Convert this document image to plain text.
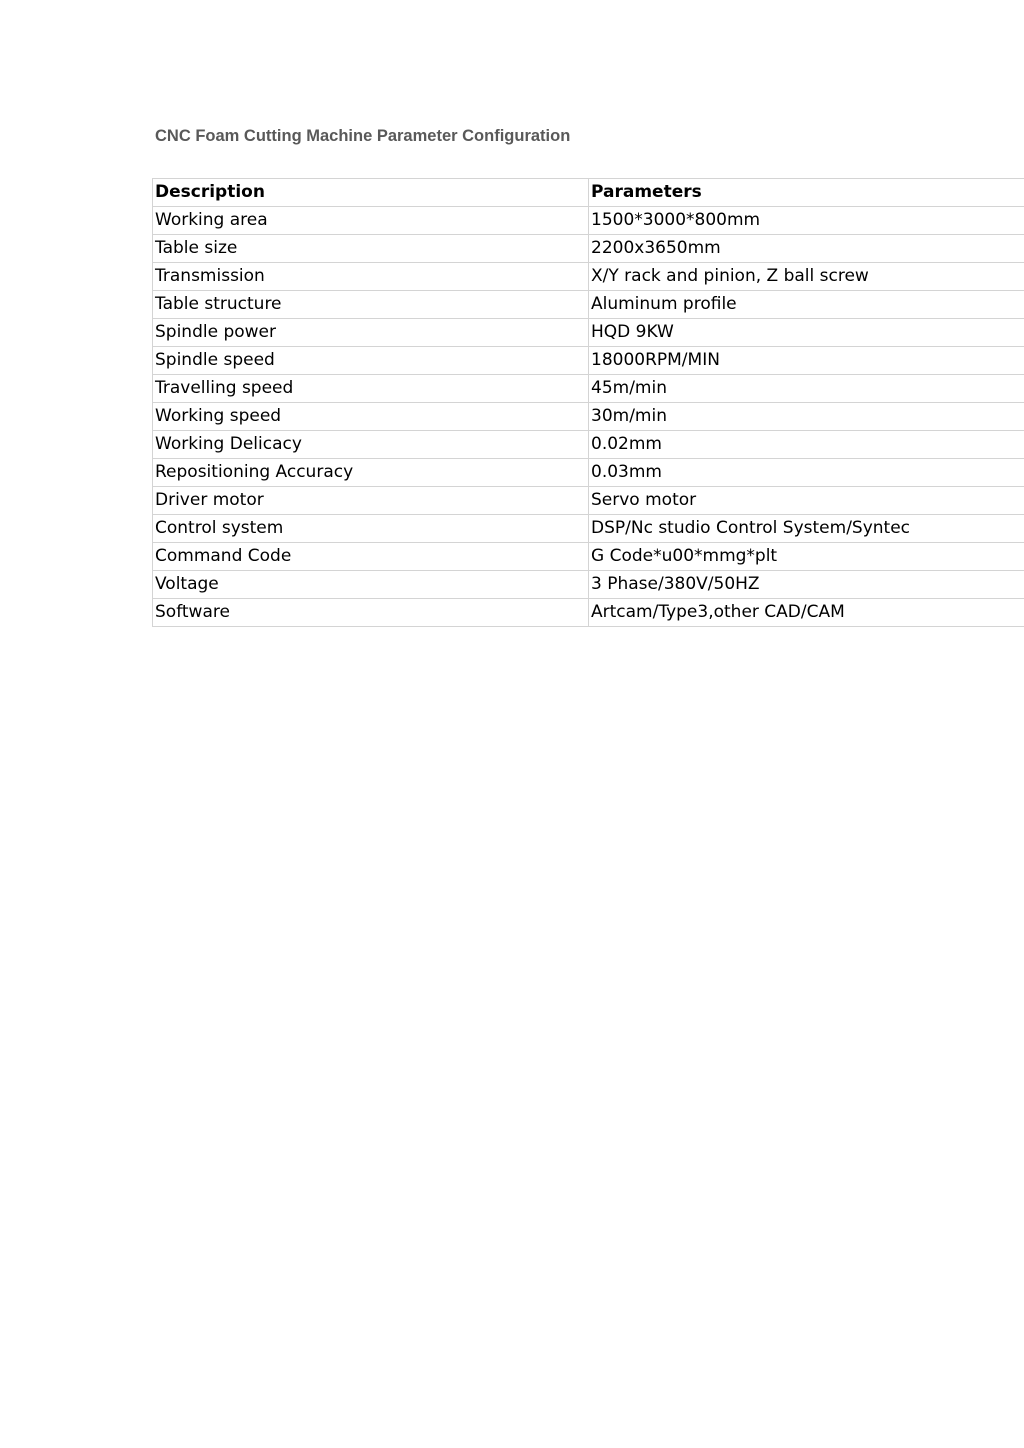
CNC Foam Cutting Machine Parameter Configuration
Description	Parameters
Working area	1500*3000*800mm
Table size	2200x3650mm
Transmission	X/Y rack and pinion, Z ball screw
Table structure	Aluminum profile
Spindle power	HQD 9KW
Spindle speed	18000RPM/MIN
Travelling speed	45m/min
Working speed	30m/min
Working Delicacy	0.02mm
Repositioning Accuracy	0.03mm
Driver motor	Servo motor
Control system	DSP/Nc studio Control System/Syntec
Command Code	G Code*u00*mmg*plt
Voltage	3 Phase/380V/50HZ
Software	Artcam/Type3,other CAD/CAM
